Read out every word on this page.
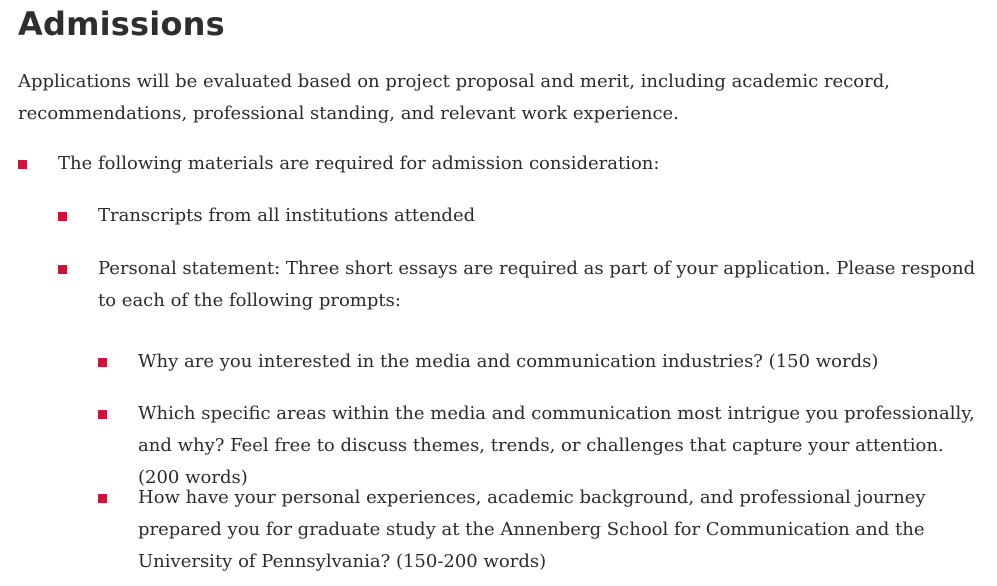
Admissions

Applications will be evaluated based on project proposal and merit, including academic record, recommendations, professional standing, and relevant work experience.

The following materials are required for admission consideration:

Transcripts from all institutions attended

Personal statement: Three short essays are required as part of your application. Please respond to each of the following prompts:

Why are you interested in the media and communication industries? (150 words)

Which specific areas within the media and communication most intrigue you professionally, and why? Feel free to discuss themes, trends, or challenges that capture your attention. (200 words)

How have your personal experiences, academic background, and professional journey prepared you for graduate study at the Annenberg School for Communication and the University of Pennsylvania? (150-200 words)
